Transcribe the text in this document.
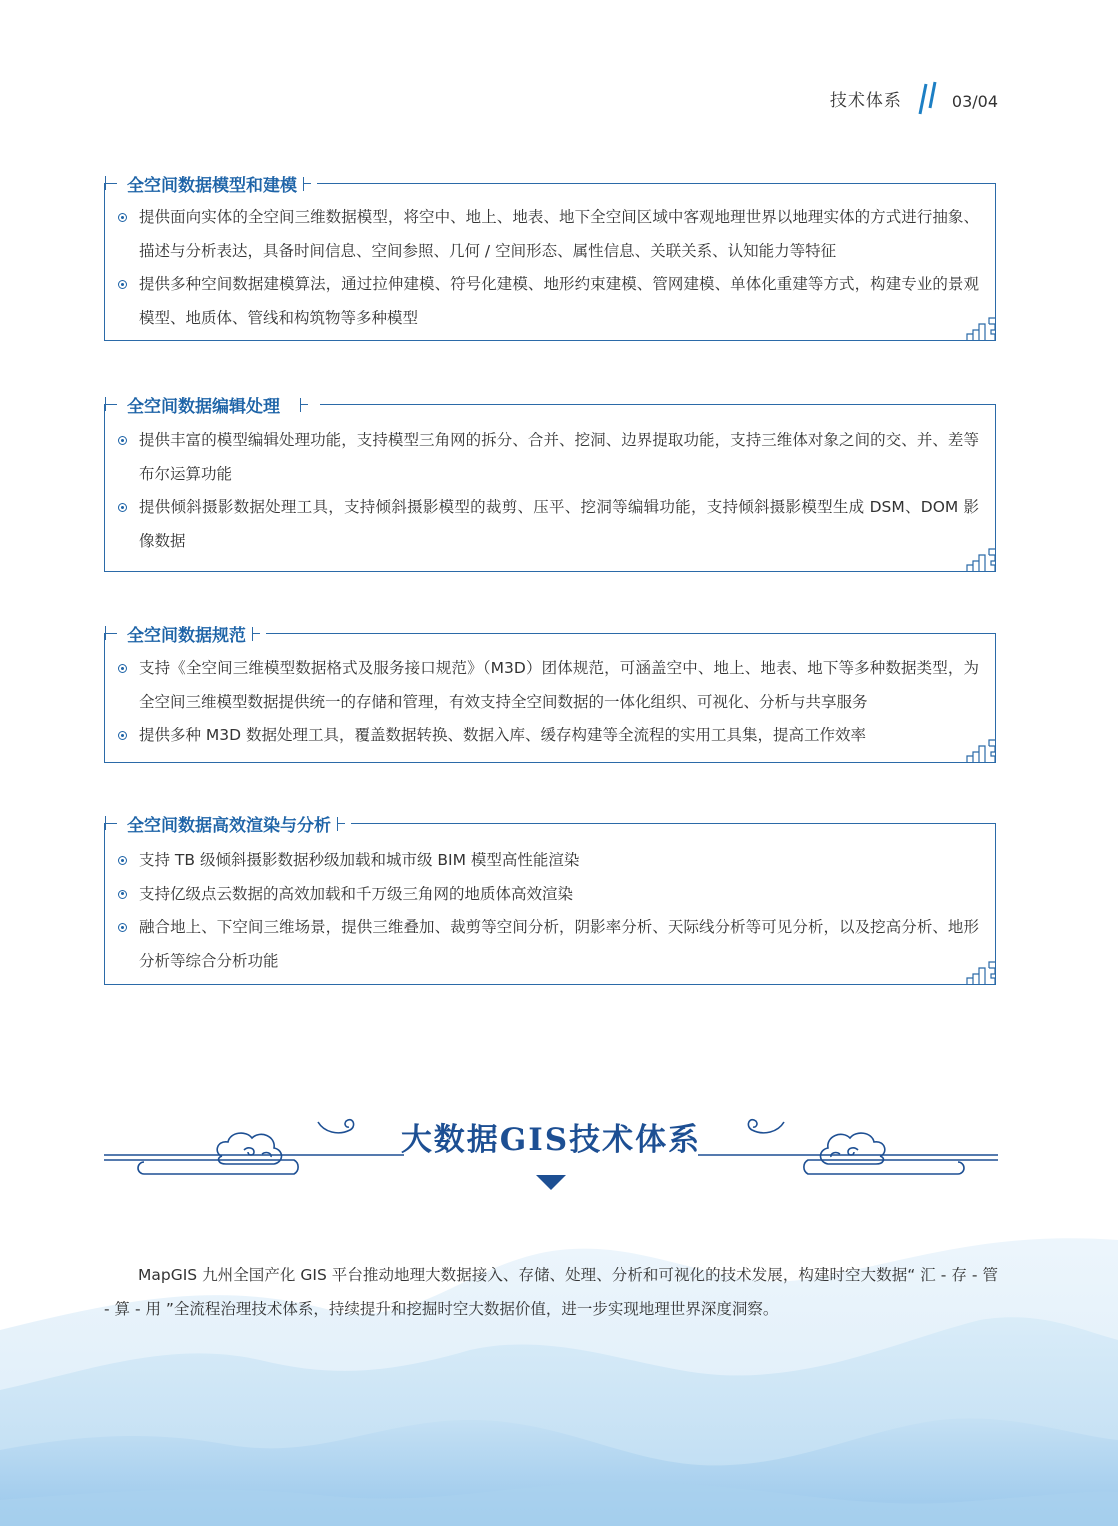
技术体系	03/04
全空间数据模型和建模
提供面向实体的全空间三维数据模型，将空中、地上、地表、地下全空间区域中客观地理世界以地理实体的方式进行抽象、描述与分析表达，具备时间信息、空间参照、几何 / 空间形态、属性信息、关联关系、认知能力等特征
提供多种空间数据建模算法，通过拉伸建模、符号化建模、地形约束建模、管网建模、单体化重建等方式，构建专业的景观模型、地质体、管线和构筑物等多种模型
全空间数据编辑处理
提供丰富的模型编辑处理功能，支持模型三角网的拆分、合并、挖洞、边界提取功能，支持三维体对象之间的交、并、差等布尔运算功能
提供倾斜摄影数据处理工具，支持倾斜摄影模型的裁剪、压平、挖洞等编辑功能，支持倾斜摄影模型生成 DSM、DOM 影像数据
全空间数据规范
支持《全空间三维模型数据格式及服务接口规范》（M3D）团体规范，可涵盖空中、地上、地表、地下等多种数据类型，为全空间三维模型数据提供统一的存储和管理，有效支持全空间数据的一体化组织、可视化、分析与共享服务
提供多种 M3D 数据处理工具，覆盖数据转换、数据入库、缓存构建等全流程的实用工具集，提高工作效率
全空间数据高效渲染与分析
支持 TB 级倾斜摄影数据秒级加载和城市级 BIM 模型高性能渲染
支持亿级点云数据的高效加载和千万级三角网的地质体高效渲染
融合地上、下空间三维场景，提供三维叠加、裁剪等空间分析，阴影率分析、天际线分析等可见分析，以及挖高分析、地形分析等综合分析功能
大数据GIS技术体系

MapGIS 九州全国产化 GIS 平台推动地理大数据接入、存储、处理、分析和可视化的技术发展，构建时空大数据“ 汇 - 存 - 管 - 算 - 用 ”全流程治理技术体系，持续提升和挖掘时空大数据价值，进一步实现地理世界深度洞察。
